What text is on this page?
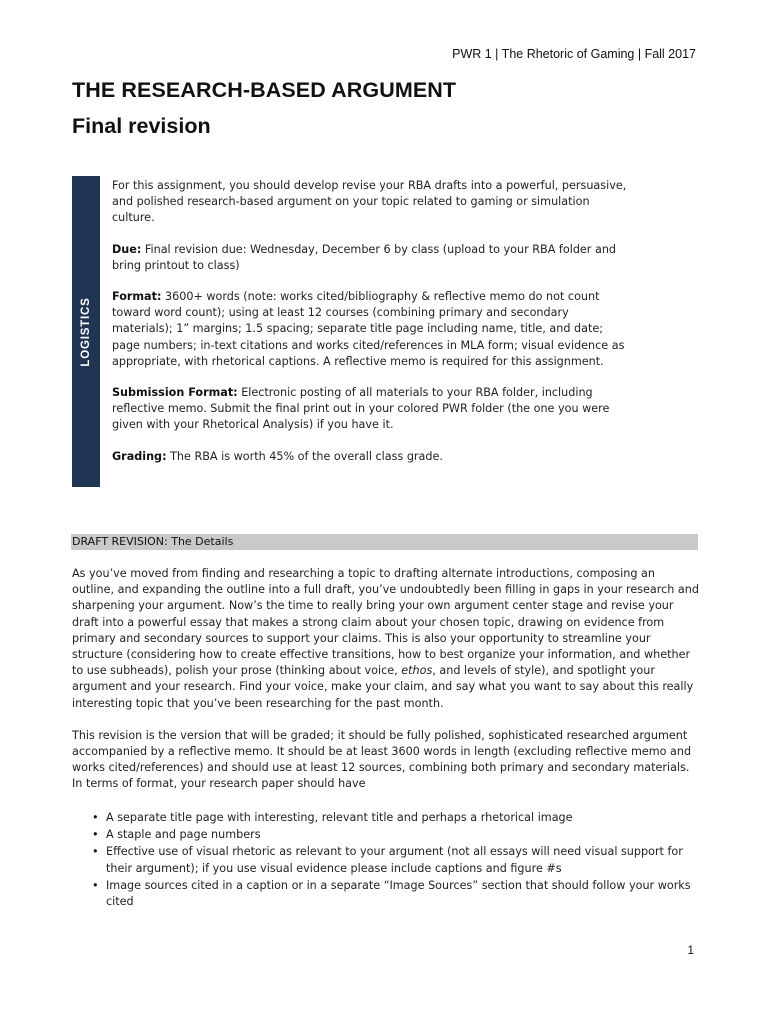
PWR 1 | The Rhetoric of Gaming | Fall 2017
THE RESEARCH-BASED ARGUMENT
Final revision
LOGISTICS

For this assignment, you should develop revise your RBA drafts into a powerful, persuasive, and polished research-based argument on your topic related to gaming or simulation culture.

Due: Final revision due: Wednesday, December 6 by class (upload to your RBA folder and bring printout to class)

Format: 3600+ words (note: works cited/bibliography & reflective memo do not count toward word count); using at least 12 courses (combining primary and secondary materials); 1” margins; 1.5 spacing; separate title page including name, title, and date; page numbers; in-text citations and works cited/references in MLA form; visual evidence as appropriate, with rhetorical captions. A reflective memo is required for this assignment.

Submission Format: Electronic posting of all materials to your RBA folder, including reflective memo. Submit the final print out in your colored PWR folder (the one you were given with your Rhetorical Analysis) if you have it.

Grading: The RBA is worth 45% of the overall class grade.

DRAFT REVISION: The Details

As you’ve moved from finding and researching a topic to drafting alternate introductions, composing an outline, and expanding the outline into a full draft, you’ve undoubtedly been filling in gaps in your research and sharpening your argument. Now’s the time to really bring your own argument center stage and revise your draft into a powerful essay that makes a strong claim about your chosen topic, drawing on evidence from primary and secondary sources to support your claims. This is also your opportunity to streamline your structure (considering how to create effective transitions, how to best organize your information, and whether to use subheads), polish your prose (thinking about voice, ethos, and levels of style), and spotlight your argument and your research. Find your voice, make your claim, and say what you want to say about this really interesting topic that you’ve been researching for the past month.

This revision is the version that will be graded; it should be fully polished, sophisticated researched argument accompanied by a reflective memo. It should be at least 3600 words in length (excluding reflective memo and works cited/references) and should use at least 12 sources, combining both primary and secondary materials. In terms of format, your research paper should have

• A separate title page with interesting, relevant title and perhaps a rhetorical image
• A staple and page numbers
• Effective use of visual rhetoric as relevant to your argument (not all essays will need visual support for their argument); if you use visual evidence please include captions and figure #s
• Image sources cited in a caption or in a separate “Image Sources” section that should follow your works cited
1
